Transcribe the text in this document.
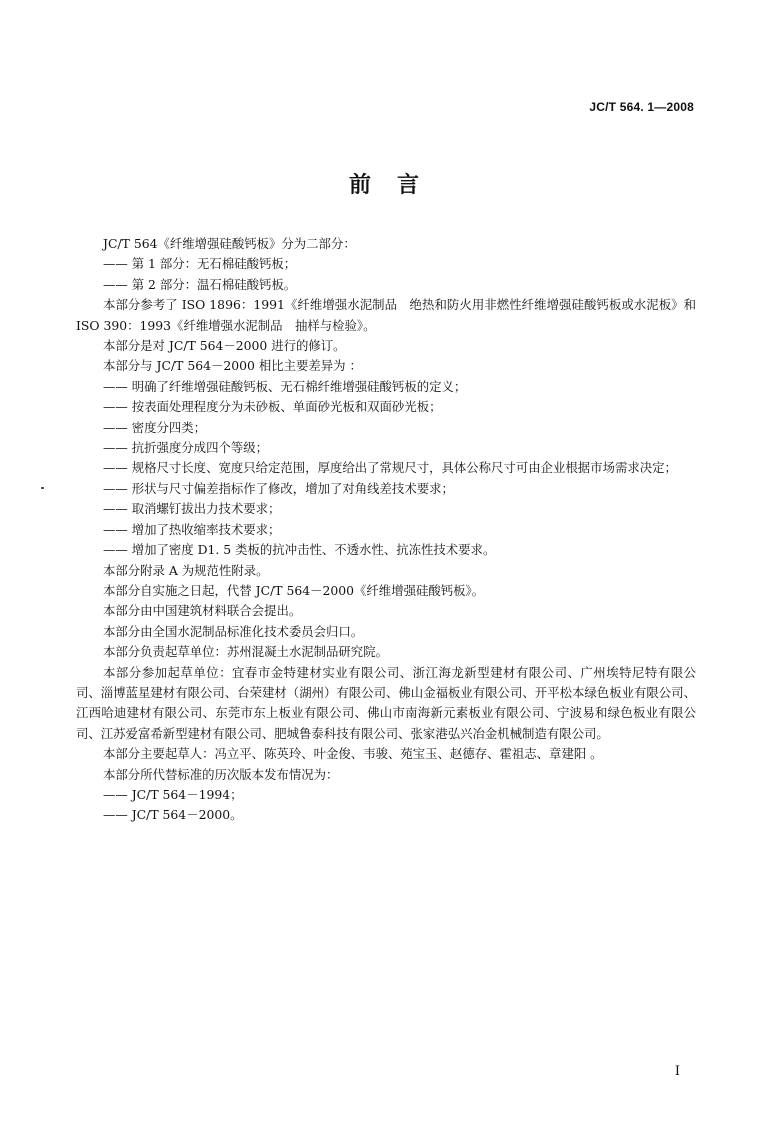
JC/T 564. 1—2008
前 言

JC/T 564《纤维增强硅酸钙板》分为二部分：

—— 第 1 部分：无石棉硅酸钙板；

—— 第 2 部分：温石棉硅酸钙板。

本部分参考了 ISO 1896：1991《纤维增强水泥制品　绝热和防火用非燃性纤维增强硅酸钙板或水泥板》和 ISO 390：1993《纤维增强水泥制品　抽样与检验》。

本部分是对 JC/T 564－2000 进行的修订。

本部分与 JC/T 564－2000 相比主要差异为 ：

—— 明确了纤维增强硅酸钙板、无石棉纤维增强硅酸钙板的定义；

—— 按表面处理程度分为未砂板、单面砂光板和双面砂光板；

—— 密度分四类；

—— 抗折强度分成四个等级；

—— 规格尺寸长度、宽度只给定范围，厚度给出了常规尺寸，具体公称尺寸可由企业根据市场需求决定；

—— 形状与尺寸偏差指标作了修改，增加了对角线差技术要求；

—— 取消螺钉拔出力技术要求；

—— 增加了热收缩率技术要求；

—— 增加了密度 D1. 5 类板的抗冲击性、不透水性、抗冻性技术要求。

本部分附录 A 为规范性附录。

本部分自实施之日起，代替 JC/T 564－2000《纤维增强硅酸钙板》。

本部分由中国建筑材料联合会提出。

本部分由全国水泥制品标准化技术委员会归口。

本部分负责起草单位：苏州混凝土水泥制品研究院。

本部分参加起草单位：宜春市金特建材实业有限公司、浙江海龙新型建材有限公司、广州埃特尼特有限公司、淄博蓝星建材有限公司、台荣建材（湖州）有限公司、佛山金福板业有限公司、开平松本绿色板业有限公司、江西哈迪建材有限公司、东莞市东上板业有限公司、佛山市南海新元素板业有限公司、宁波易和绿色板业有限公司、江苏爱富希新型建材有限公司、肥城鲁泰科技有限公司、张家港弘兴冶金机械制造有限公司。

本部分主要起草人：冯立平、陈英玲、叶金俊、韦骏、苑宝玉、赵德存、霍祖志、章建阳 。

本部分所代替标准的历次版本发布情况为：

—— JC/T 564－1994；

—— JC/T 564－2000。

I
